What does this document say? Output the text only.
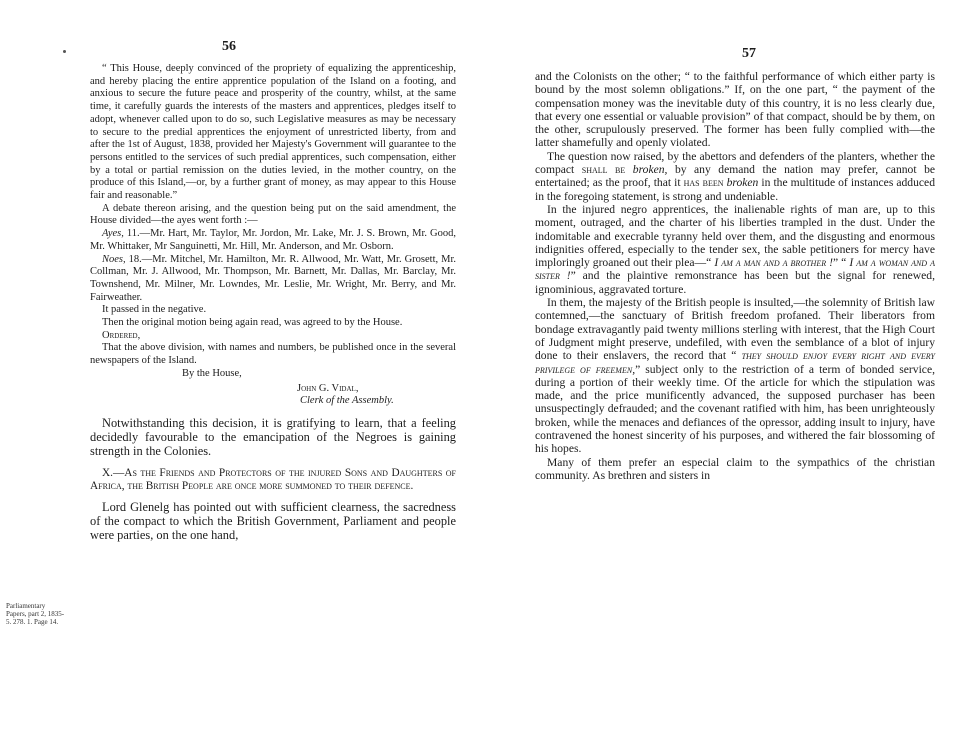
56
Parliamentary Papers, part 2, 1835-5. 278. 1. Page 14.

“ This House, deeply convinced of the propriety of equalizing the apprenticeship, and hereby placing the entire apprentice population of the Island on a footing, and anxious to secure the future peace and prosperity of the country, whilst, at the same time, it carefully guards the interests of the masters and apprentices, pledges itself to adopt, whenever called upon to do so, such Legislative measures as may be necessary to secure to the predial apprentices the enjoyment of unrestricted liberty, from and after the 1st of August, 1838, provided her Majesty's Government will guarantee to the persons entitled to the services of such predial apprentices, such compensation, either by a total or partial remission on the duties levied, in the mother country, on the produce of this Island,—or, by a further grant of money, as may appear to this House fair and reasonable.”

A debate thereon arising, and the question being put on the said amendment, the House divided—the ayes went forth :—

Ayes, 11.—Mr. Hart, Mr. Taylor, Mr. Jordon, Mr. Lake, Mr. J. S. Brown, Mr. Good, Mr. Whittaker, Mr Sanguinetti, Mr. Hill, Mr. Anderson, and Mr. Osborn.

Noes, 18.—Mr. Mitchel, Mr. Hamilton, Mr. R. Allwood, Mr. Watt, Mr. Grosett, Mr. Collman, Mr. J. Allwood, Mr. Thompson, Mr. Barnett, Mr. Dallas, Mr. Barclay, Mr. Townshend, Mr. Milner, Mr. Lowndes, Mr. Leslie, Mr. Wright, Mr. Berry, and Mr. Fairweather.

It passed in the negative.

Then the original motion being again read, was agreed to by the House.

Ordered,

That the above division, with names and numbers, be published once in the several newspapers of the Island.

By the House,

John G. Vidal,

Clerk of the Assembly.

Notwithstanding this decision, it is gratifying to learn, that a feeling decidedly favourable to the emancipation of the Negroes is gaining strength in the Colonies.

X.—As the Friends and Protectors of the injured Sons and Daughters of Africa, the British People are once more summoned to their defence.

Lord Glenelg has pointed out with sufficient clearness, the sacredness of the compact to which the British Government, Parliament and people were parties, on the one hand,

57

and the Colonists on the other; “ to the faithful performance of which either party is bound by the most solemn obligations.” If, on the one part, “ the payment of the compensation money was the inevitable duty of this country, it is no less clearly due, that every one essential or valuable provision” of that compact, should be by them, on the other, scrupulously preserved. The former has been fully complied with—the latter shamefully and openly violated.

The question now raised, by the abettors and defenders of the planters, whether the compact shall be broken, by any demand the nation may prefer, cannot be entertained; as the proof, that it has been broken in the multitude of instances adduced in the foregoing statement, is strong and undeniable.

In the injured negro apprentices, the inalienable rights of man are, up to this moment, outraged, and the charter of his liberties trampled in the dust. Under the indomitable and execrable tyranny held over them, and the disgusting and enormous indignities offered, especially to the tender sex, the sable petitioners for mercy have imploringly groaned out their plea—“ I am a man and a brother !” “ I am a woman and a sister !” and the plaintive remonstrance has been but the signal for renewed, ignominious, aggravated torture.

In them, the majesty of the British people is insulted,—the solemnity of British law contemned,—the sanctuary of British freedom profaned. Their liberators from bondage extravagantly paid twenty millions sterling with interest, that the High Court of Judgment might preserve, undefiled, with even the semblance of a blot of injury done to their enslavers, the record that “ they should enjoy every right and every privilege of freemen,” subject only to the restriction of a term of bonded service, during a portion of their weekly time. Of the article for which the stipulation was made, and the price munificently advanced, the supposed purchaser has been unsuspectingly defrauded; and the covenant ratified with him, has been unrighteously broken, while the menaces and defiances of the opressor, adding insult to injury, have contravened the honest sincerity of his purposes, and withered the fair blossoming of his hopes.

Many of them prefer an especial claim to the sympathics of the christian community. As brethren and sisters in
